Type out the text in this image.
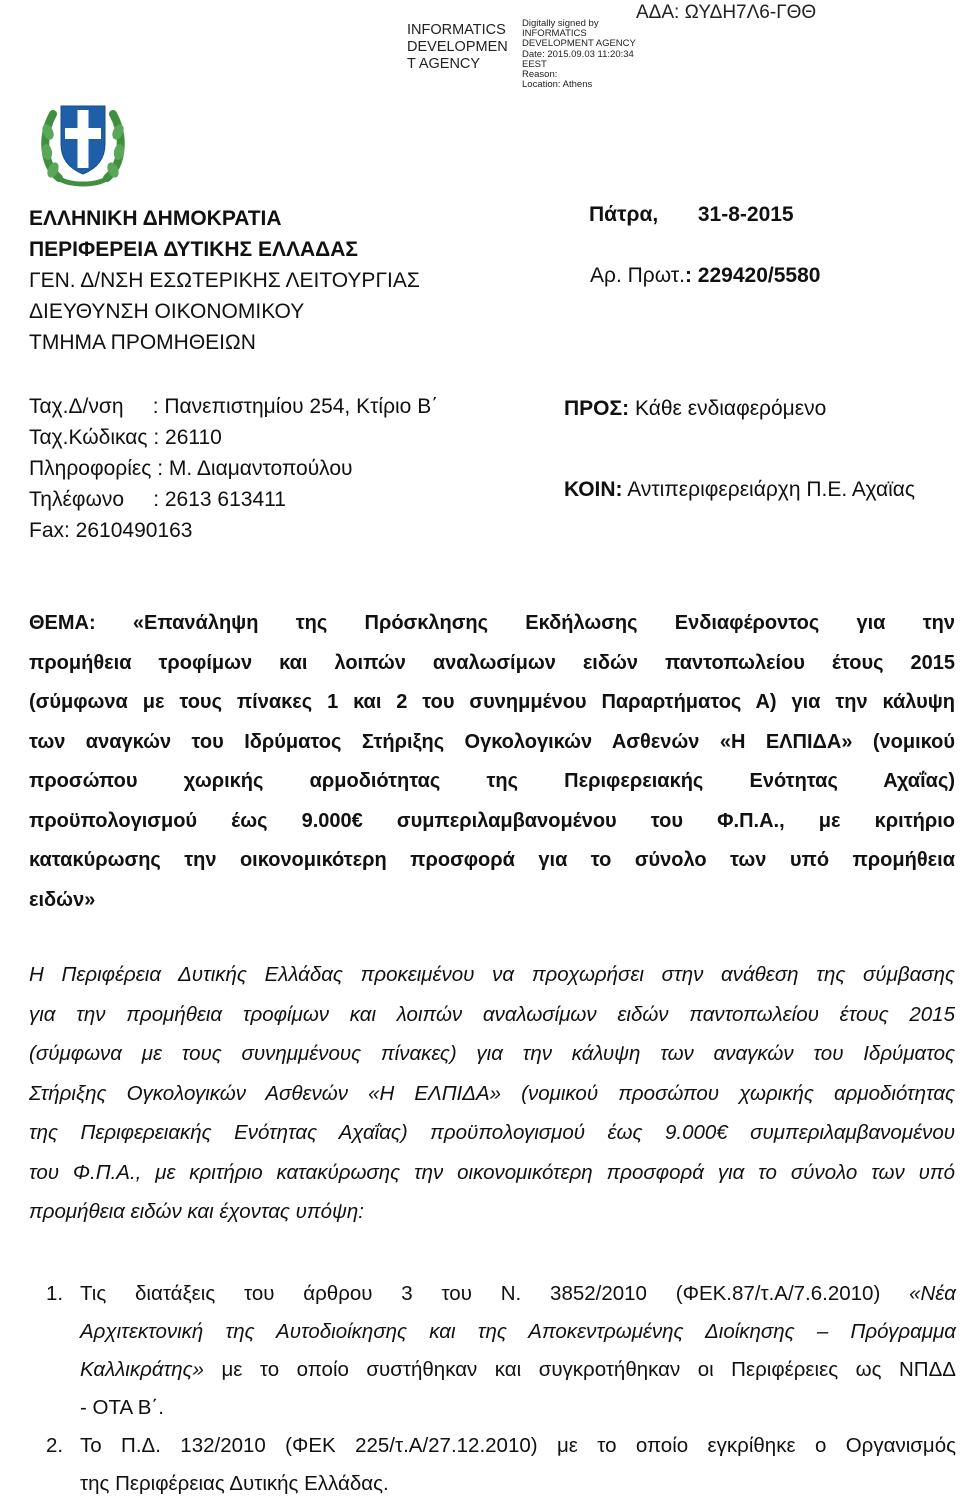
INFORMATICS
DEVELOPMEN
T AGENCY
Digitally signed by
INFORMATICS
DEVELOPMENT AGENCY
Date: 2015.09.03 11:20:34
EEST
Reason:
Location: Athens
ΑΔΑ: ΩΥΔΗ7Λ6-ΓΘΘ
ΕΛΛΗΝΙΚΗ ΔΗΜΟΚΡΑΤΙΑ
ΠΕΡΙΦΕΡΕΙΑ ΔΥΤΙΚΗΣ ΕΛΛΑΔΑΣ
ΓΕΝ. Δ/ΝΣΗ ΕΣΩΤΕΡΙΚΗΣ ΛΕΙΤΟΥΡΓΙΑΣ
ΔΙΕΥΘΥΝΣΗ ΟΙΚΟΝΟΜΙΚΟΥ
ΤΜΗΜΑ ΠΡΟΜΗΘΕΙΩΝ
Πάτρα, 31-8-2015
Αρ. Πρωτ.: 229420/5580
Ταχ.Δ/νση     : Πανεπιστημίου 254, Κτίριο Β΄
Ταχ.Κώδικας : 26110
Πληροφορίες : Μ. Διαμαντοπούλου
Τηλέφωνο     : 2613 613411
Fax: 2610490163
ΠΡΟΣ: Κάθε ενδιαφερόμενο
ΚΟΙΝ: Αντιπεριφερειάρχη Π.Ε. Αχαϊας
ΘΕΜΑ: «Επανάληψη της Πρόσκλησης Εκδήλωσης Ενδιαφέροντος για την
προμήθεια τροφίμων και λοιπών αναλωσίμων ειδών παντοπωλείου έτους 2015
(σύμφωνα με τους πίνακες 1 και 2 του συνημμένου Παραρτήματος Α) για την κάλυψη
των αναγκών του Ιδρύματος Στήριξης Ογκολογικών Ασθενών «Η ΕΛΠΙΔΑ» (νομικού
προσώπου χωρικής αρμοδιότητας της Περιφερειακής Ενότητας Αχαΐας)
προϋπολογισμού έως 9.000€ συμπεριλαμβανομένου του Φ.Π.Α., με κριτήριο
κατακύρωσης την οικονομικότερη προσφορά για το σύνολο των υπό προμήθεια
ειδών»
Η Περιφέρεια Δυτικής Ελλάδας προκειμένου να προχωρήσει στην ανάθεση της σύμβασης
για την προμήθεια τροφίμων και λοιπών αναλωσίμων ειδών παντοπωλείου έτους 2015
(σύμφωνα με τους συνημμένους πίνακες) για την κάλυψη των αναγκών του Ιδρύματος
Στήριξης Ογκολογικών Ασθενών «Η ΕΛΠΙΔΑ» (νομικού προσώπου χωρικής αρμοδιότητας
της Περιφερειακής Ενότητας Αχαΐας) προϋπολογισμού έως 9.000€ συμπεριλαμβανομένου
του Φ.Π.Α., με κριτήριο κατακύρωσης την οικονομικότερη προσφορά για το σύνολο των υπό
προμήθεια ειδών και έχοντας υπόψη:
1. Τις διατάξεις του άρθρου 3 του Ν. 3852/2010 (ΦΕΚ.87/τ.Α/7.6.2010) «Νέα
Αρχιτεκτονική της Αυτοδιοίκησης και της Αποκεντρωμένης Διοίκησης – Πρόγραμμα
Καλλικράτης» με το οποίο συστήθηκαν και συγκροτήθηκαν οι Περιφέρειες ως ΝΠΔΔ
- ΟΤΑ Β΄.
2. Το Π.Δ. 132/2010 (ΦΕΚ 225/τ.Α/27.12.2010) με το οποίο εγκρίθηκε ο Οργανισμός
της Περιφέρειας Δυτικής Ελλάδας.
